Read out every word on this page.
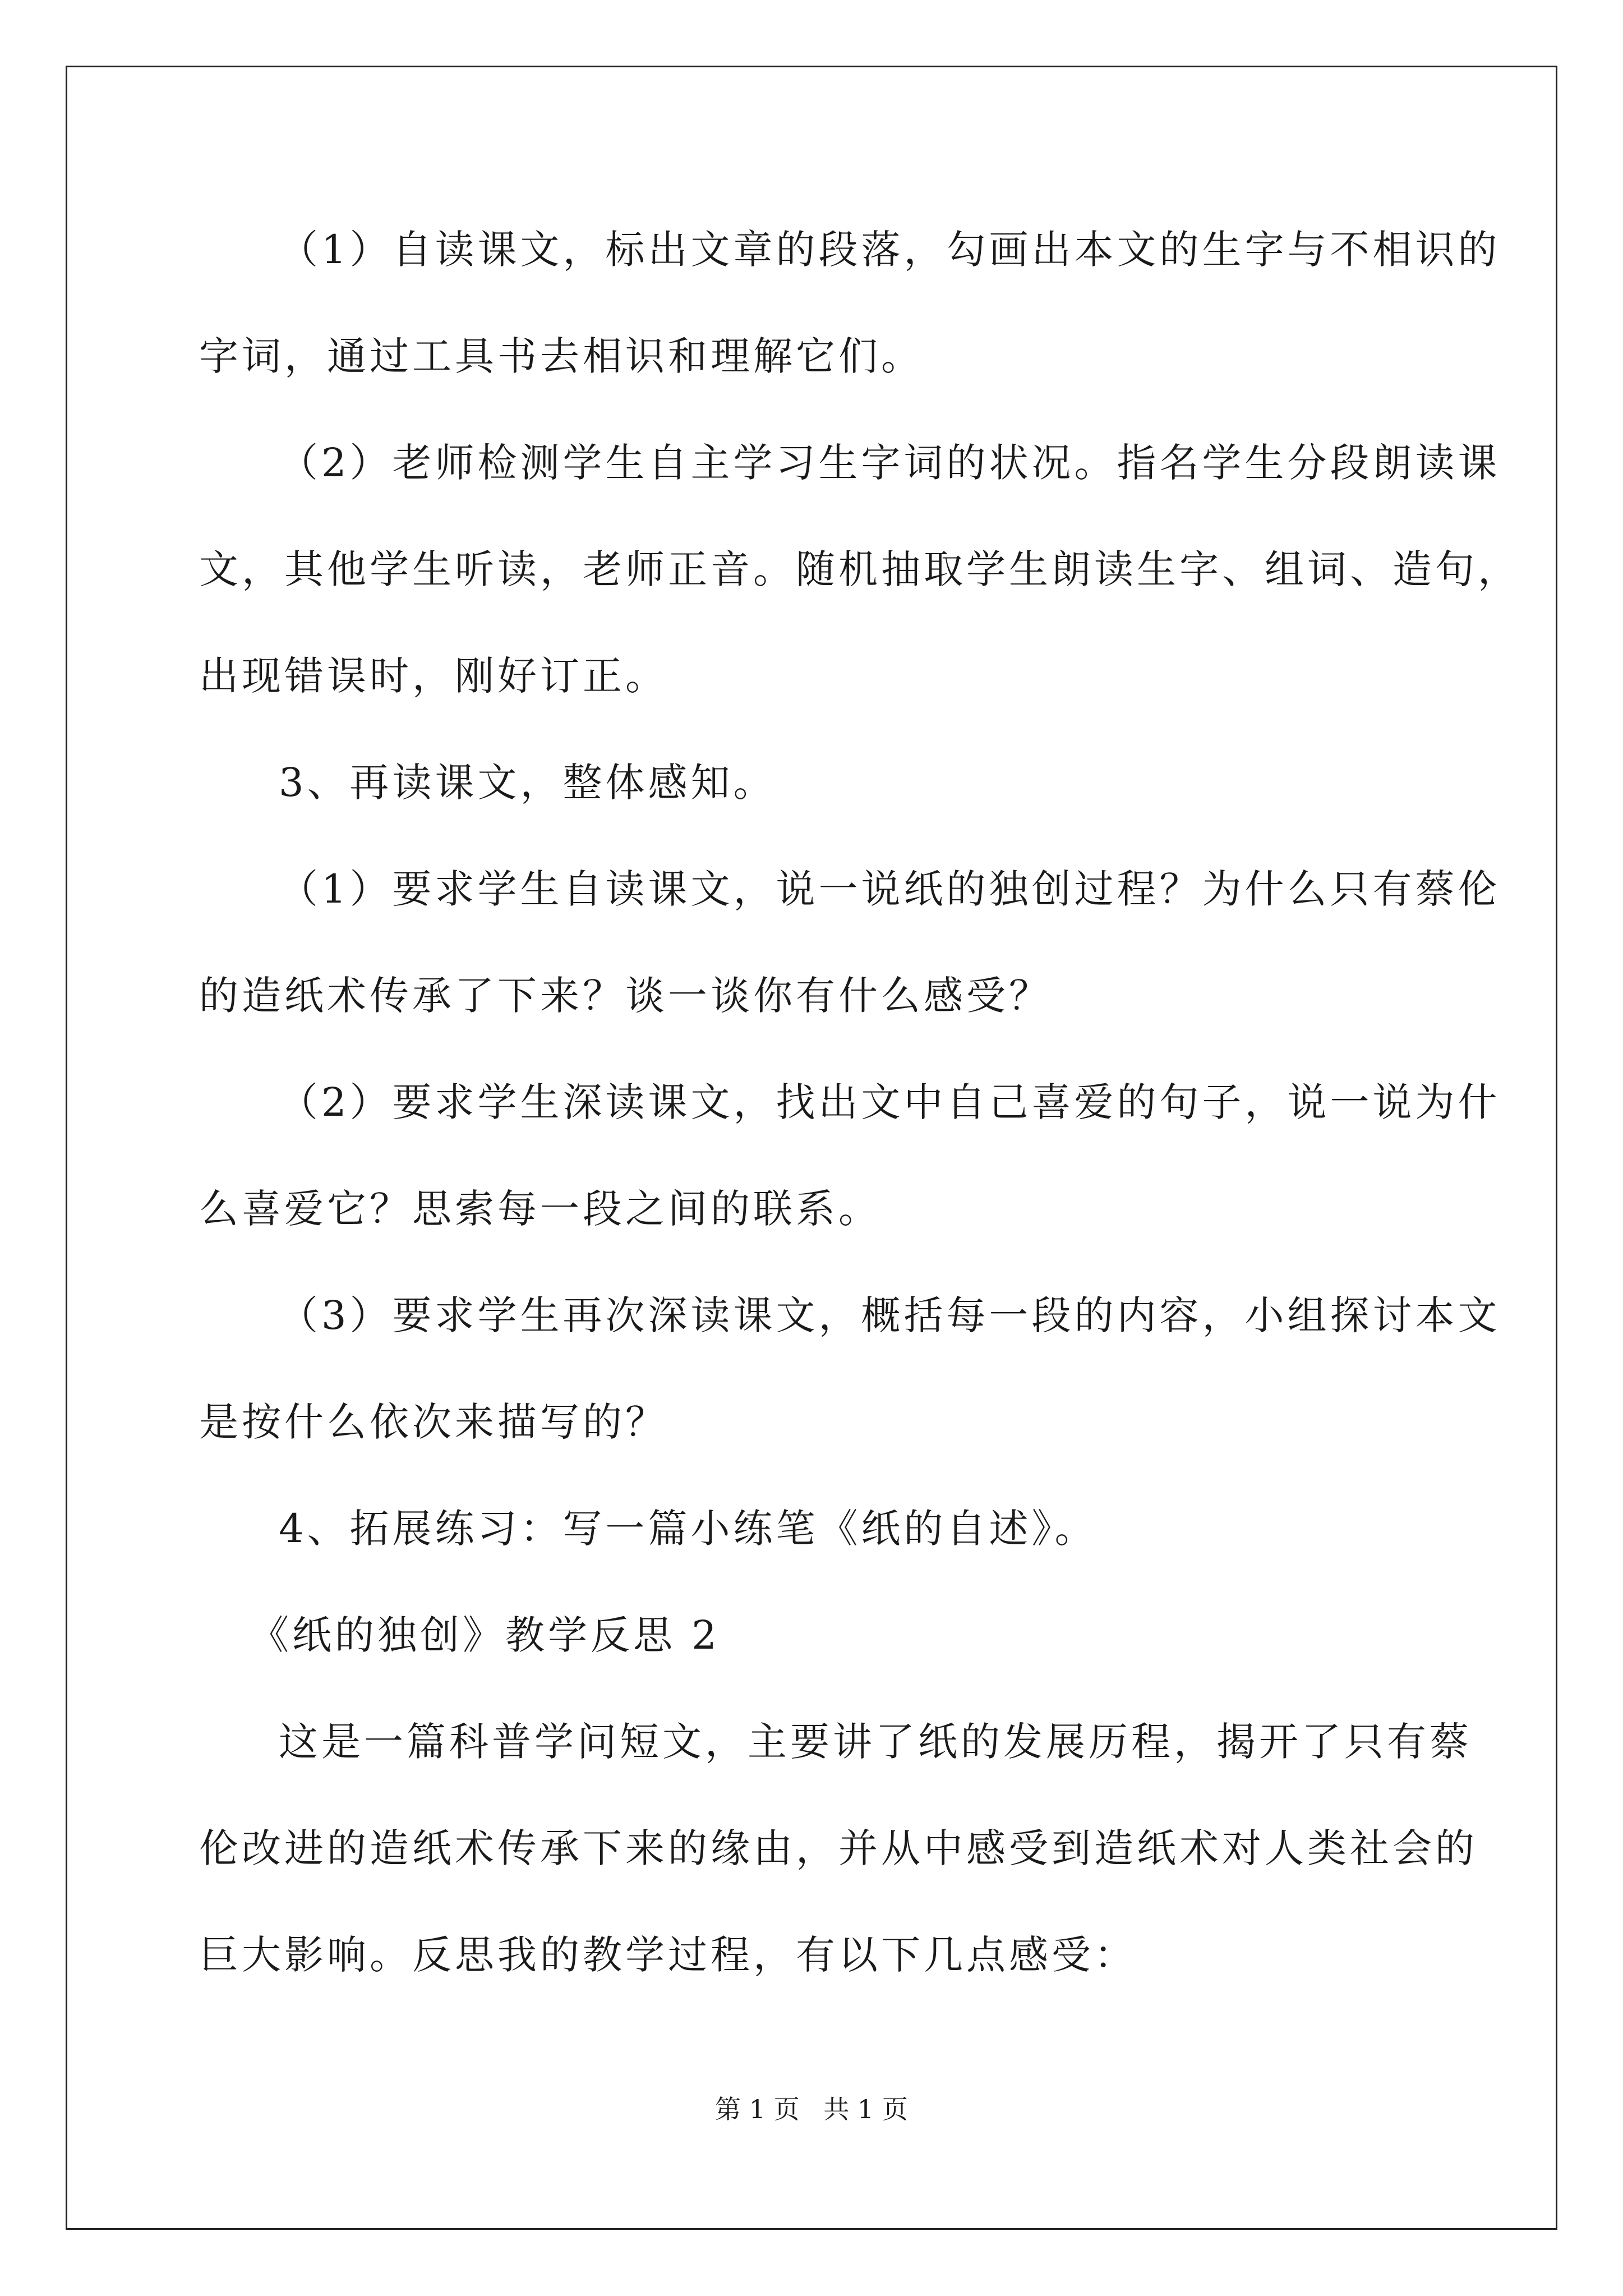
（1）自读课文，标出文章的段落，勾画出本文的生字与不相识的
字词，通过工具书去相识和理解它们。
（2）老师检测学生自主学习生字词的状况。指名学生分段朗读课
文，其他学生听读，老师正音。随机抽取学生朗读生字、组词、造句，
出现错误时，刚好订正。
3、再读课文，整体感知。
（1）要求学生自读课文，说一说纸的独创过程？为什么只有蔡伦
的造纸术传承了下来？谈一谈你有什么感受？
（2）要求学生深读课文，找出文中自己喜爱的句子，说一说为什
么喜爱它？思索每一段之间的联系。
（3）要求学生再次深读课文，概括每一段的内容，小组探讨本文
是按什么依次来描写的？
4、拓展练习：写一篇小练笔《纸的自述》。
《纸的独创》教学反思 2
这是一篇科普学问短文，主要讲了纸的发展历程，揭开了只有蔡
伦改进的造纸术传承下来的缘由，并从中感受到造纸术对人类社会的
巨大影响。反思我的教学过程，有以下几点感受：
第 1 页 共 1 页
